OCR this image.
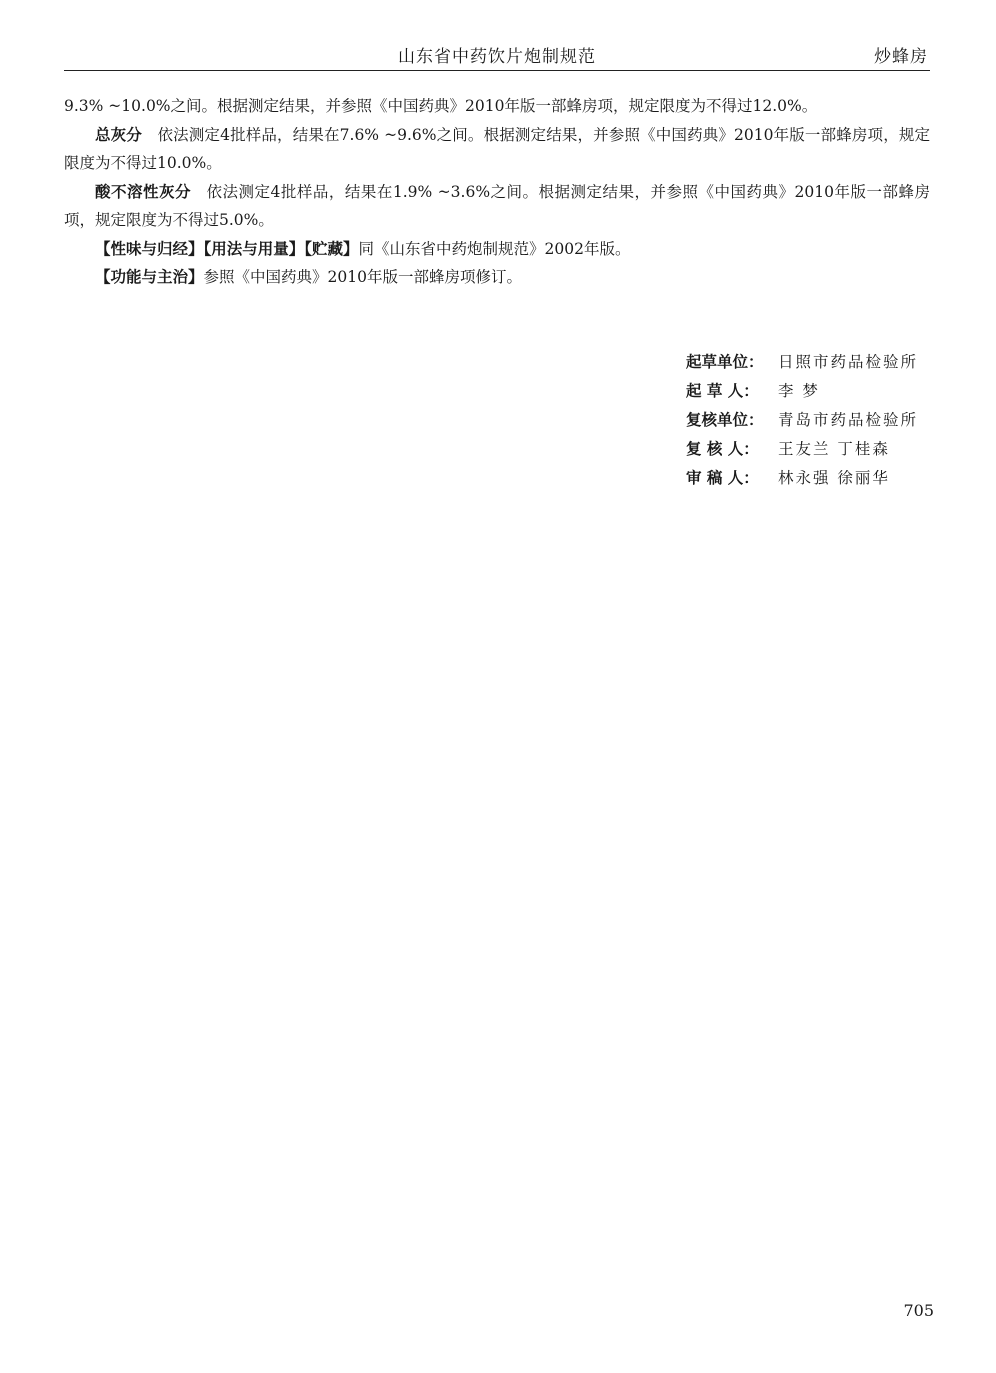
山东省中药饮片炮制规范	炒蜂房

9.3% ~10.0%之间。根据测定结果，并参照《中国药典》2010年版一部蜂房项，规定限度为不得过12.0%。

总灰分 依法测定4批样品，结果在7.6% ~9.6%之间。根据测定结果，并参照《中国药典》2010年版一部蜂房项，规定限度为不得过10.0%。

酸不溶性灰分 依法测定4批样品，结果在1.9% ~3.6%之间。根据测定结果，并参照《中国药典》2010年版一部蜂房项，规定限度为不得过5.0%。

【性味与归经】【用法与用量】【贮藏】同《山东省中药炮制规范》2002年版。

【功能与主治】参照《中国药典》2010年版一部蜂房项修订。

起草单位： 日照市药品检验所
起 草 人： 李 梦
复核单位： 青岛市药品检验所
复 核 人： 王友兰 丁桂森
审 稿 人： 林永强 徐丽华
705
